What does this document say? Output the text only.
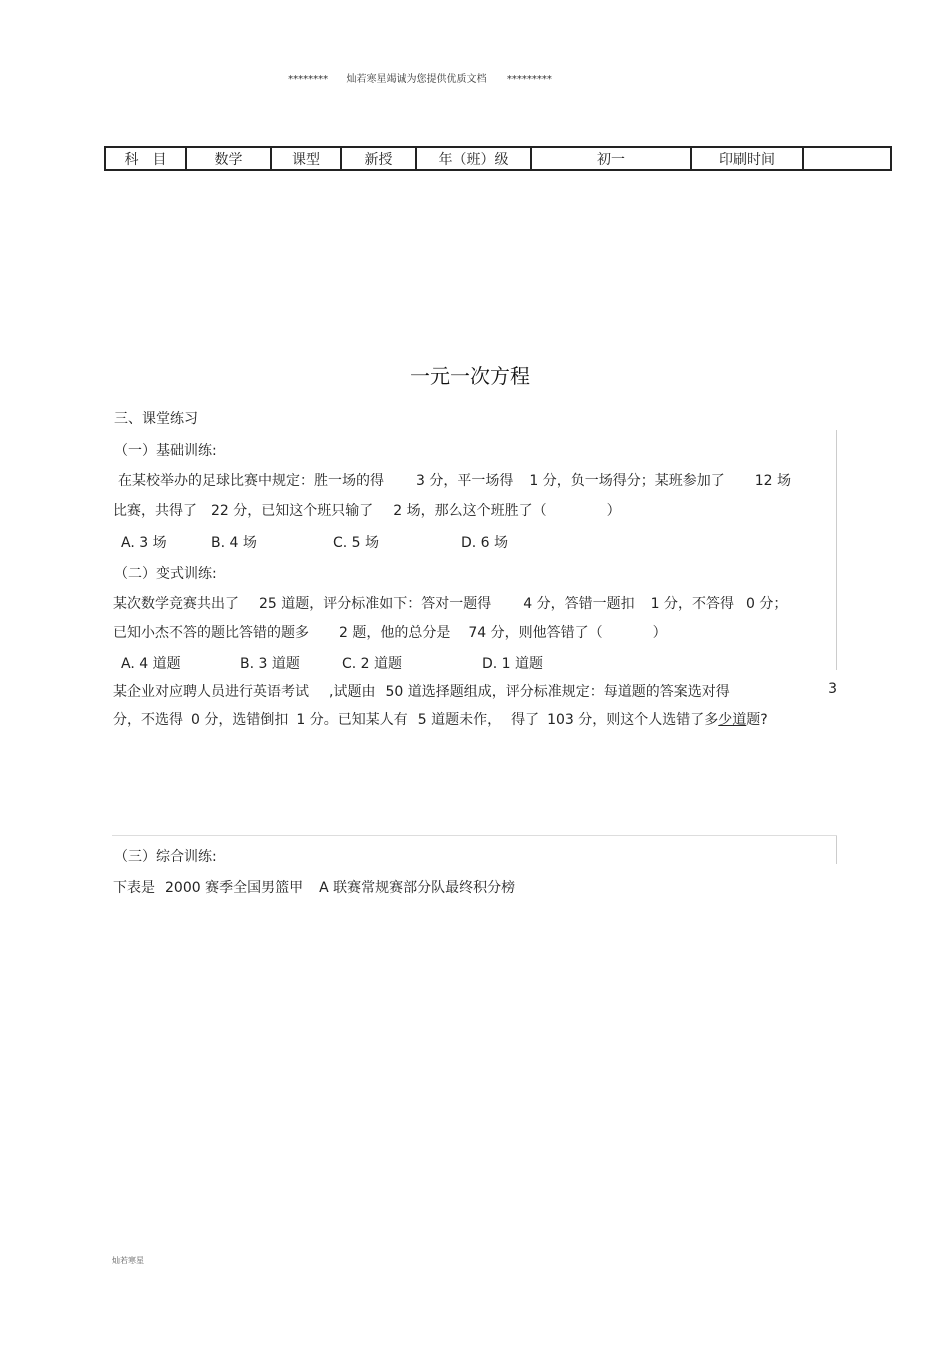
******** 灿若寒星竭诚为您提供优质文档 *********
科　目	数学	课型	新授	年（班）级	初一	印刷时间	
一元一次方程
三、课堂练习
（一）基础训练:
在某校举办的足球比赛中规定：胜一场的得 3 分，平一场得 1 分，负一场得分；某班参加了 12 场
比赛，共得了 22 分，已知这个班只输了 2 场，那么这个班胜了（	）
A. 3 场	B. 4 场	C. 5 场	D. 6 场
（二）变式训练:
某次数学竞赛共出了 25 道题，评分标准如下：答对一题得 4 分，答错一题扣 1 分，不答得 0 分；
已知小杰不答的题比答错的题多 2 题，他的总分是 74 分，则他答错了（	）
A. 4 道题	B. 3 道题	C. 2 道题	D. 1 道题
某企业对应聘人员进行英语考试 ,试题由 50 道选择题组成，评分标准规定：每道题的答案选对得	3
分，不选得 0 分，选错倒扣 1 分。已知某人有 5 道题未作， 得了 103 分，则这个人选错了多少道题?
（三）综合训练:
下表是 2000 赛季全国男篮甲 A 联赛常规赛部分队最终积分榜
灿若寒星
